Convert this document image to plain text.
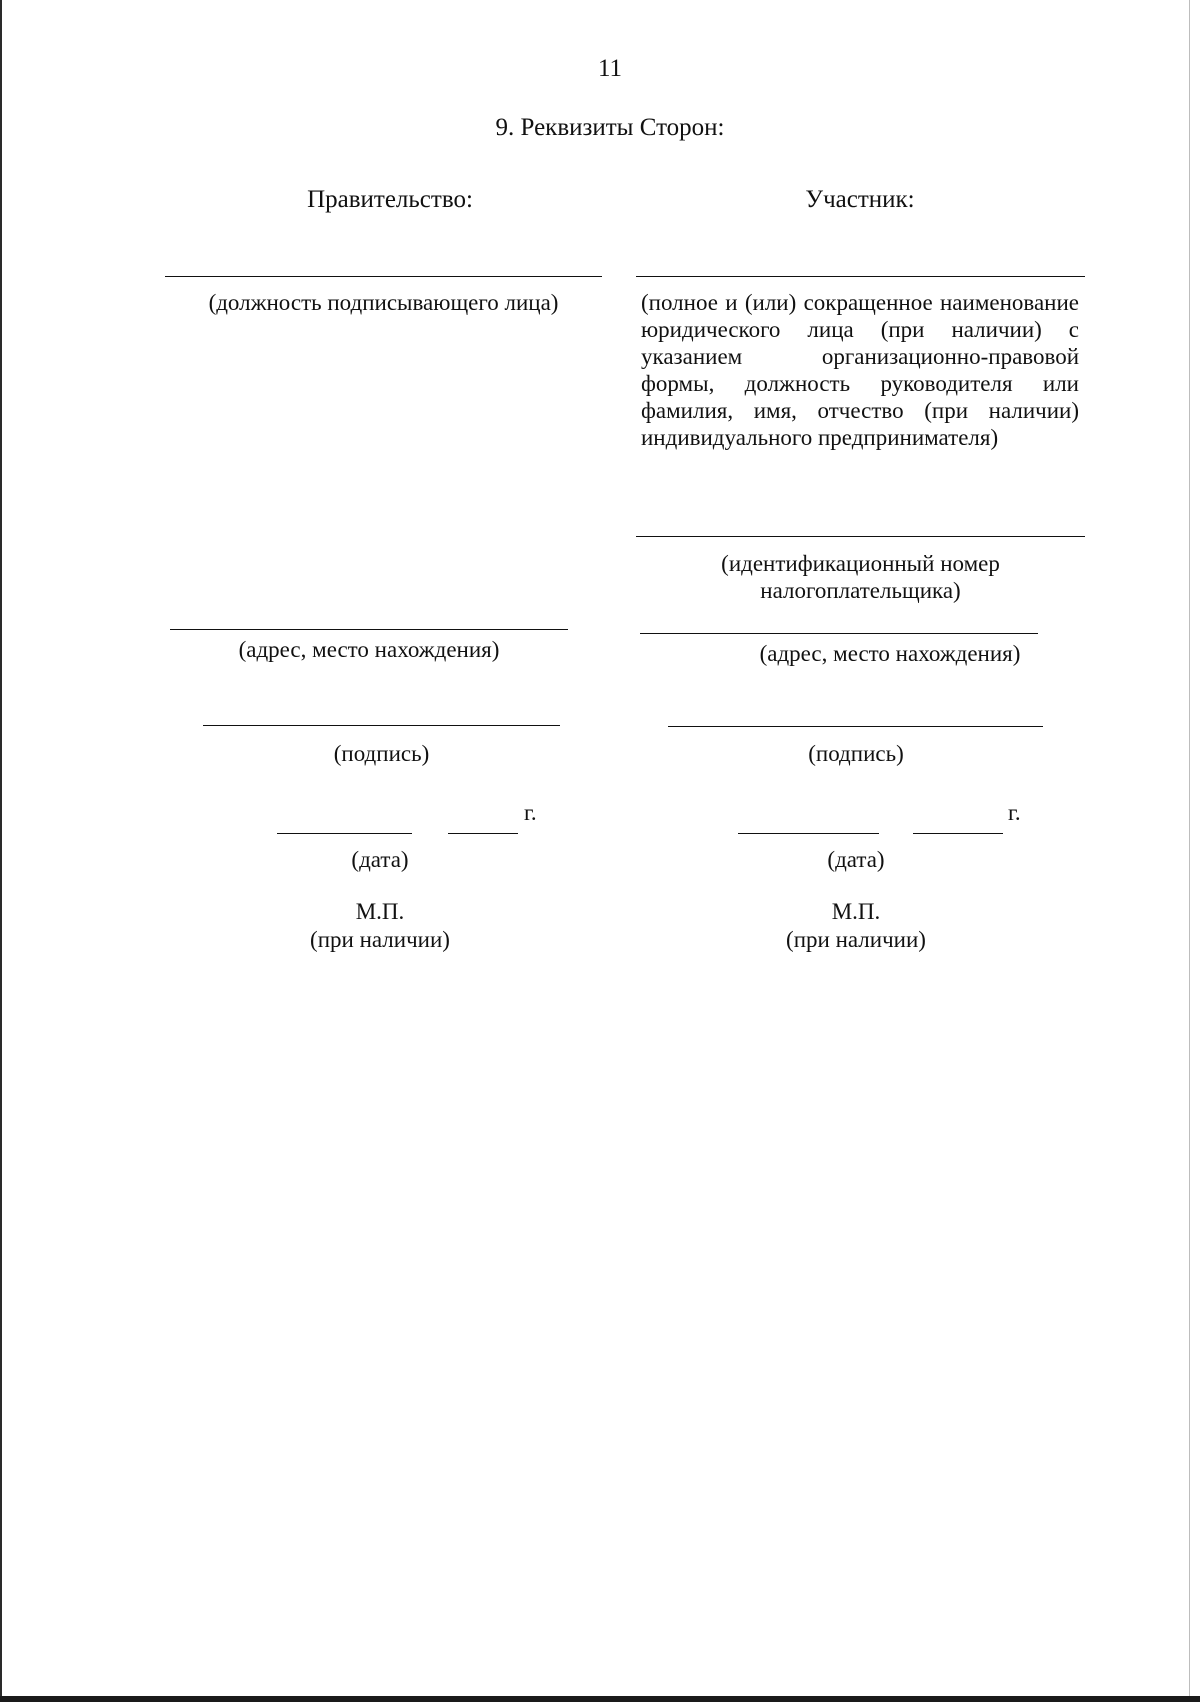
11
9. Реквизиты Сторон:
Правительство:
(должность подписывающего лица)
(адрес, место нахождения)
(подпись)
г.
(дата)
М.П.
(при наличии)
Участник:
(полное и (или) сокращенное наименование юридического лица (при наличии) с указанием организационно-правовой формы, должность руководителя или фамилия, имя, отчество (при наличии) индивидуального предпринимателя)
(идентификационный номер
налогоплательщика)
(адрес, место нахождения)
(подпись)
г.
(дата)
М.П.
(при наличии)
